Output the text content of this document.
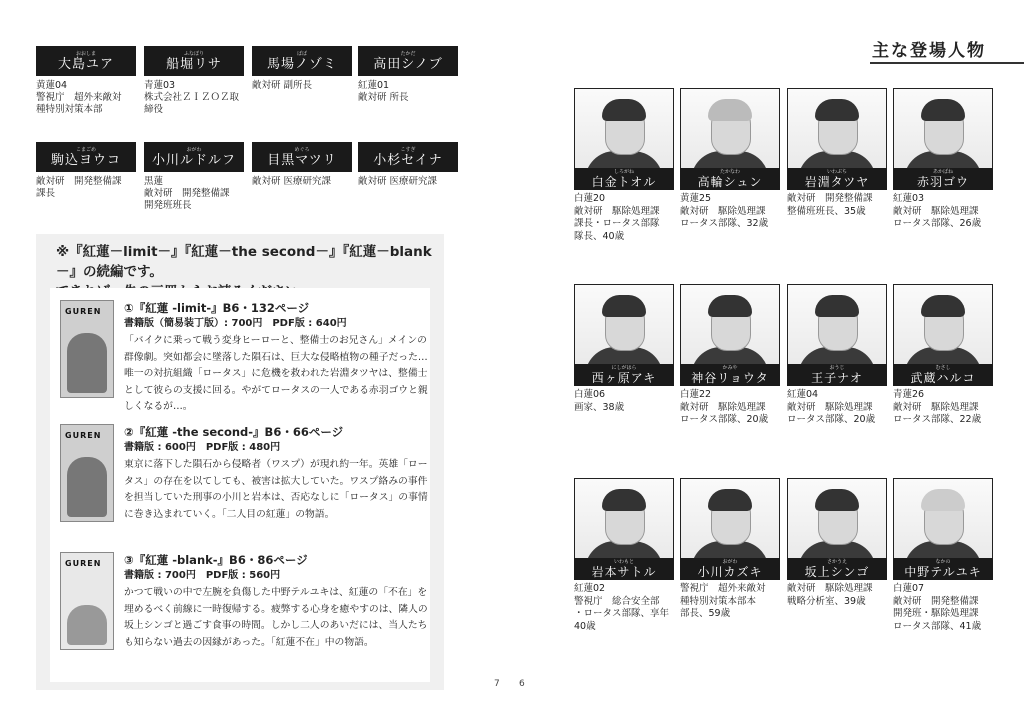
おおしま
大島ユア
黄蓮04
警視庁　超外来敵対
種特別対策本部
ふなぼり
船堀リサ
青蓮03
株式会社ＺＩＺＯＺ取
締役
ばば
馬場ノゾミ
敵対研 副所長
たかだ
高田シノブ
紅蓮01
敵対研 所長
こまごめ
駒込ヨウコ
敵対研　開発整備課
課長
おがわ
小川ルドルフ
黒蓮
敵対研　開発整備課
開発班班長
めぐろ
目黒マツリ
敵対研 医療研究課
こすぎ
小杉セイナ
敵対研 医療研究課
※『紅蓮－limit－』『紅蓮－the second－』『紅蓮－blank－』の続編です。

GUREN ①『紅蓮 -limit-』B6・132ページ
書籍版（簡易装丁版）: 700円　PDF版 : 640円
「バイクに乗って戦う変身ヒーローと、整備士のお兄さん」メインの群像劇。突如都会に墜落した隕石は、巨大な侵略植物の種子だった…唯一の対抗組織「ロータス」に危機を救われた岩淵タツヤは、整備士として彼らの支援に回る。やがてロータスの一人である赤羽ゴウと親しくなるが…。
GUREN ②『紅蓮 -the second-』B6・66ページ
書籍版 : 600円　PDF版 : 480円
東京に落下した隕石から侵略者（ワスプ）が現れ約一年。英雄「ロータス」の存在を以てしても、被害は拡大していた。ワスプ絡みの事件を担当していた刑事の小川と岩本は、否応なしに「ロータス」の事情に巻き込まれていく。「二人目の紅蓮」の物語。
GUREN ③『紅蓮 -blank-』B6・86ページ
書籍版 : 700円　PDF版 : 560円
かつて戦いの中で左腕を負傷した中野テルユキは、紅蓮の「不在」を埋めるべく前線に一時復帰する。疲弊する心身を癒やすのは、隣人の坂上シンゴと過ごす食事の時間。しかし二人のあいだには、当人たちも知らない過去の因縁があった。「紅蓮不在」中の物語。
7
主な登場人物
しろがね
白金トオル
白蓮20
敵対研　駆除処理課
課長・ロータス部隊
隊長、40歳
たかなわ
高輪シュン
黄蓮25
敵対研　駆除処理課
ロータス部隊、32歳
いわぶち
岩淵タツヤ
敵対研　開発整備課
整備班班長、35歳
あかばね
赤羽ゴウ
紅蓮03
敵対研　駆除処理課
ロータス部隊、26歳
にしがはら
西ヶ原アキ
白蓮06
画家、38歳
かみや
神谷リョウタ
白蓮22
敵対研　駆除処理課
ロータス部隊、20歳
おうじ
王子ナオ
紅蓮04
敵対研　駆除処理課
ロータス部隊、20歳
むさし
武蔵ハルコ
青蓮26
敵対研　駆除処理課
ロータス部隊、22歳
いわもと
岩本サトル
紅蓮02
警視庁　総合安全部
・ロータス部隊、享年
40歳
おがわ
小川カズキ
警視庁　超外来敵対
種特別対策本部本
部長、59歳
さかうえ
坂上シンゴ
敵対研　駆除処理課
戦略分析室、39歳
なかの
中野テルユキ
白蓮07
敵対研　開発整備課
開発班・駆除処理課
ロータス部隊、41歳
6
